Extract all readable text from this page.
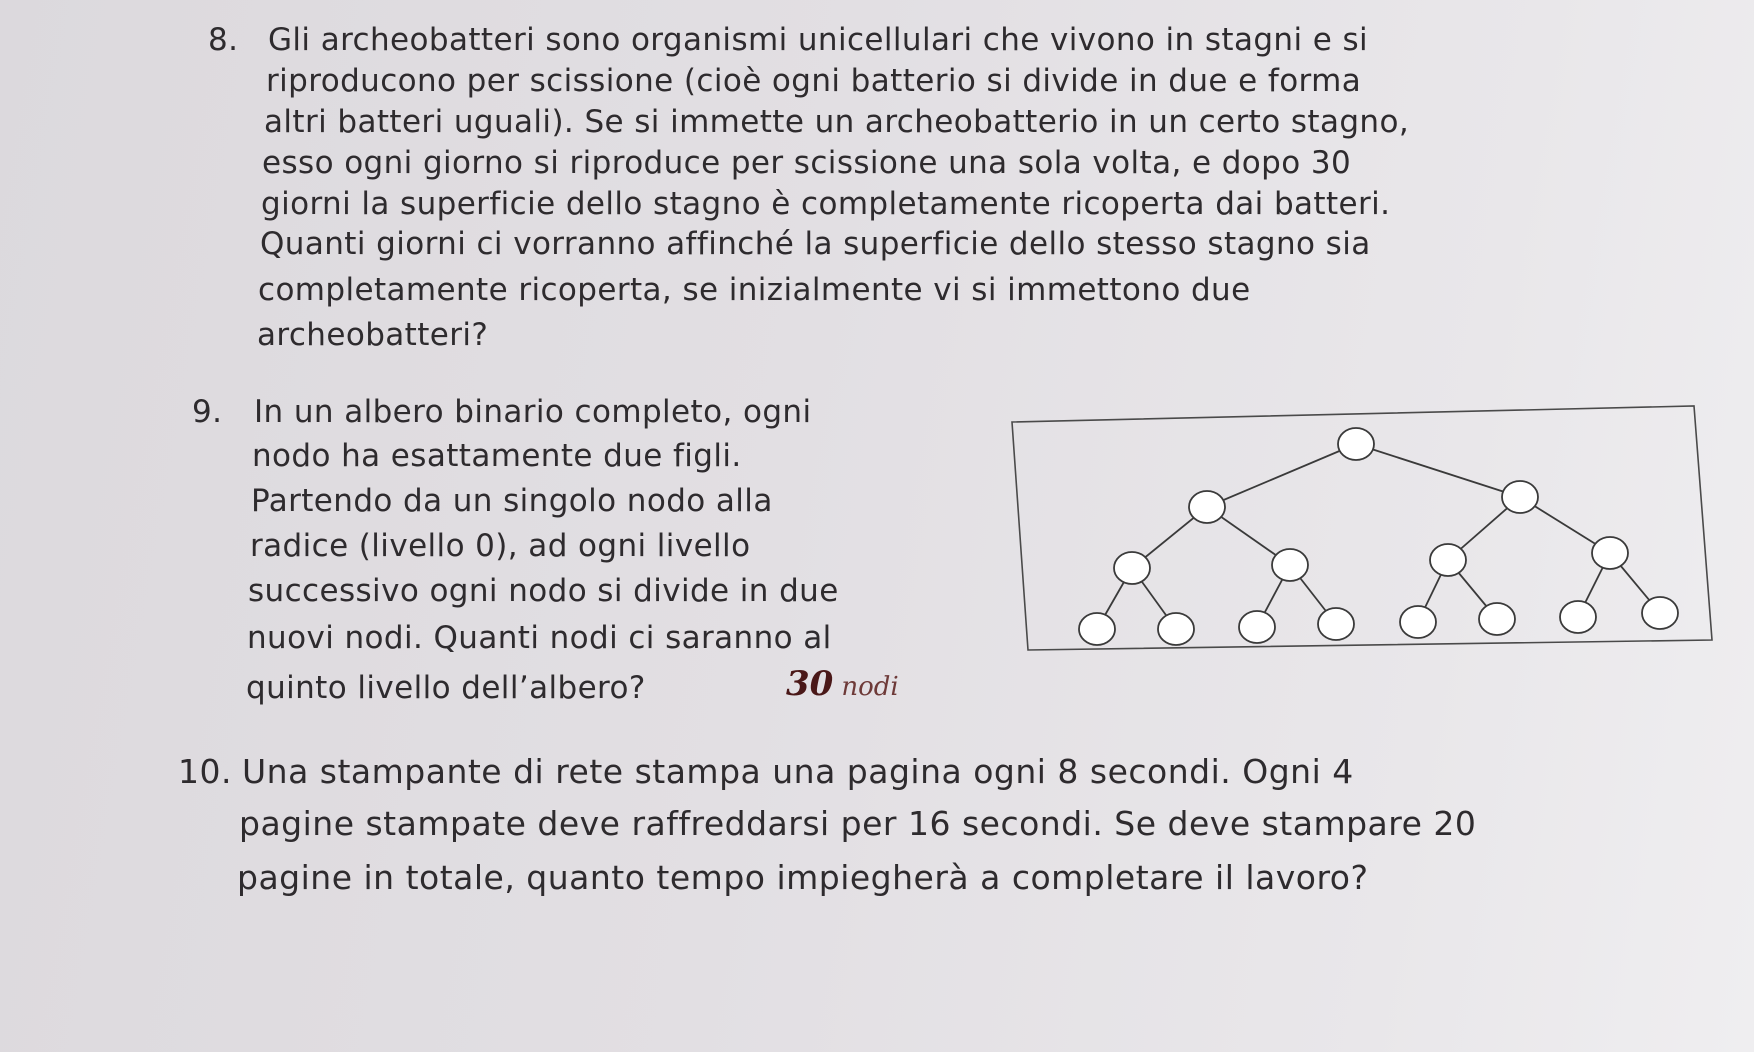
8. Gli archeobatteri sono organismi unicellulari che vivono in stagni e si
riproducono per scissione (cioè ogni batterio si divide in due e forma
altri batteri uguali). Se si immette un archeobatterio in un certo stagno,
esso ogni giorno si riproduce per scissione una sola volta, e dopo 30
giorni la superficie dello stagno è completamente ricoperta dai batteri.
Quanti giorni ci vorranno affinché la superficie dello stesso stagno sia
completamente ricoperta, se inizialmente vi si immettono due
archeobatteri?
9. In un albero binario completo, ogni
nodo ha esattamente due figli.
Partendo da un singolo nodo alla
radice (livello 0), ad ogni livello
successivo ogni nodo si divide in due
nuovi nodi. Quanti nodi ci saranno al
quinto livello dell’albero?	30 nodi
10. Una stampante di rete stampa una pagina ogni 8 secondi. Ogni 4
pagine stampate deve raffreddarsi per 16 secondi. Se deve stampare 20
pagine in totale, quanto tempo impiegherà a completare il lavoro?
